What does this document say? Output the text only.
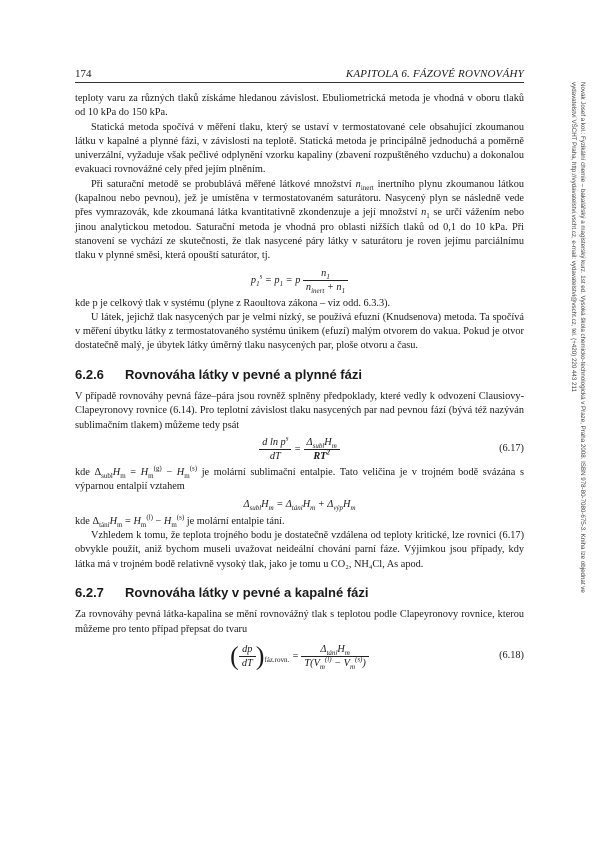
174	KAPITOLA 6. FÁZOVÉ ROVNOVÁHY
Novák Josef a kol.: Fyzikální chemie – bakalářský a magisterský kurz. 1st ed. Vysoká škola chemicko-technologická v Praze, Praha 2008. ISBN 978-80-7080-675-3. Kniha lze objednat ve vydavatelství VŠCHT Praha, http://vydavatelstvi.vscht.cz, e-mail: vydavatelstvi@vscht.cz, tel. (+420) 220 443 211

teploty varu za různých tlaků získáme hledanou závislost. Ebuliometrická metoda je vhodná v oboru tlaků od 10 kPa do 150 kPa.

Statická metoda spočívá v měření tlaku, který se ustaví v termostatované cele obsahující zkoumanou látku v kapalné a plynné fázi, v závislosti na teplotě. Statická metoda je principálně jednoduchá a poměrně univerzální, vyžaduje však pečlivé odplynění vzorku kapaliny (zbavení rozpuštěného vzduchu) a dokonalou evakuaci rovnovážné cely před jejím plněním.

Při saturační metodě se probublává měřené látkové množství $n_{inert}$ inertního plynu zkoumanou látkou (kapalnou nebo pevnou), jež je umístěna v termostatovaném saturátoru. Nasycený plyn se následně vede přes vymrazovák, kde zkoumaná látka kvantitativně zkondenzuje a její množství $n_1$ se určí vážením nebo jinou analytickou metodou. Saturační metoda je vhodná pro oblasti nižších tlaků od 0,1 do 10 kPa. Při stanovení se vychází ze skutečnosti, že tlak nasycené páry látky v saturátoru je roven jejímu parciálnímu tlaku v plynné směsi, která opouští saturátor, tj.

$p_1^s = p_1 = p \frac{n_1}{n_{inert} + n_1}$

kde p je celkový tlak v systému (plyne z Raoultova zákona – viz odd. 6.3.3).

U látek, jejichž tlak nasycených par je velmi nízký, se používá efuzní (Knudsenova) metoda. Ta spočívá v měření úbytku látky z termostatovaného systému únikem (efuzí) malým otvorem do vakua. Pokud je otvor dostatečně malý, je úbytek látky úměrný tlaku nasycených par, ploše otvoru a času.

6.2.6 Rovnováha látky v pevné a plynné fázi

V případě rovnováhy pevná fáze–pára jsou rovněž splněny předpoklady, které vedly k odvození Clausiovy-Clapeyronovy rovnice (6.14). Pro teplotní závislost tlaku nasycených par nad pevnou fází (bývá též nazýván sublimačním tlakem) můžeme tedy psát

$\frac{d \ln p^s}{dT} = \frac{\Delta_{subl}H_m}{RT^2}$	(6.17)

kde $\Delta_{subl}H_m = H_m^{(g)} - H_m^{(s)}$ je molární sublimační entalpie. Tato veličina je v trojném bodě svázána s výparnou entalpií vztahem

$\Delta_{subl}H_m = \Delta_{tání}H_m + \Delta_{výp}H_m$

kde $\Delta_{tání}H_m = H_m^{(l)} - H_m^{(s)}$ je molární entalpie tání.

Vzhledem k tomu, že teplota trojného bodu je dostatečně vzdálena od teploty kritické, lze rovnici (6.17) obvykle použít, aniž bychom museli uvažovat neideální chování parní fáze. Výjimkou jsou případy, kdy látka má v trojném bodě relativně vysoký tlak, jako je tomu u CO₂, NH₄Cl, As apod.

6.2.7 Rovnováha látky v pevné a kapalné fázi

Za rovnováhy pevná látka-kapalina se mění rovnovážný tlak s teplotou podle Clapeyronovy rovnice, kterou můžeme pro tento případ přepsat do tvaru

( $\frac{dp}{dT} )_{fáz.rovn.} = \frac{\Delta_{tání}H_m}{T(V_m^{(l)} - V_m^{(s)})}$	(6.18)
